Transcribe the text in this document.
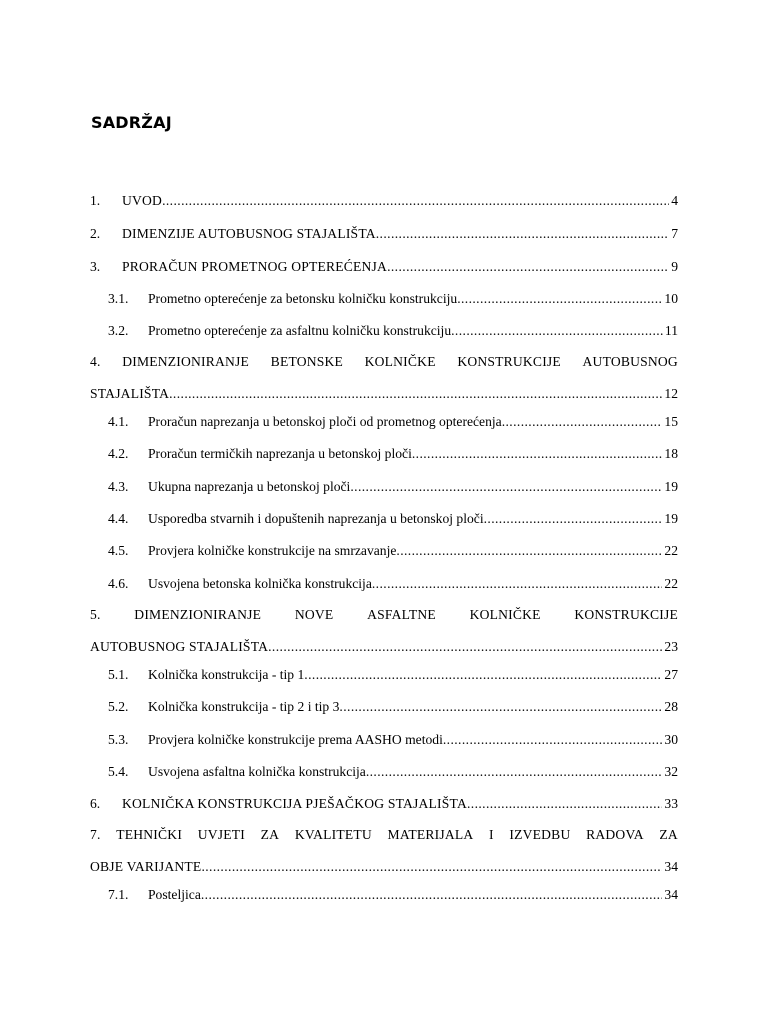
SADRŽAJ
1.	UVOD .....	4
2.	DIMENZIJE AUTOBUSNOG STAJALIŠTA .....	7
3.	PRORAČUN PROMETNOG OPTEREĆENJA .....	9
3.1.	Prometno opterećenje za betonsku kolničku konstrukciju .....	10
3.2.	Prometno opterećenje za asfaltnu kolničku konstrukciju .....	11
4. DIMENZIONIRANJE BETONSKE KOLNIČKE KONSTRUKCIJE AUTOBUSNOG
STAJALIŠTA .....	12
4.1.	Proračun naprezanja u betonskoj ploči od prometnog opterećenja .....	15
4.2.	Proračun termičkih naprezanja u betonskoj ploči .....	18
4.3.	Ukupna naprezanja u betonskoj ploči .....	19
4.4.	Usporedba stvarnih i dopuštenih naprezanja u betonskoj ploči .....	19
4.5.	Provjera kolničke konstrukcije na smrzavanje .....	22
4.6.	Usvojena betonska kolnička konstrukcija .....	22
5. DIMENZIONIRANJE NOVE ASFALTNE KOLNIČKE KONSTRUKCIJE
AUTOBUSNOG STAJALIŠTA .....	23
5.1.	Kolnička konstrukcija - tip 1 .....	27
5.2.	Kolnička konstrukcija - tip 2 i tip 3 .....	28
5.3.	Provjera kolničke konstrukcije prema AASHO metodi .....	30
5.4.	Usvojena asfaltna kolnička konstrukcija .....	32
6.	KOLNIČKA KONSTRUKCIJA PJEŠAČKOG STAJALIŠTA .....	33
7. TEHNIČKI UVJETI ZA KVALITETU MATERIJALA I IZVEDBU RADOVA ZA
OBJE VARIJANTE .....	34
7.1.	Posteljica .....	34
